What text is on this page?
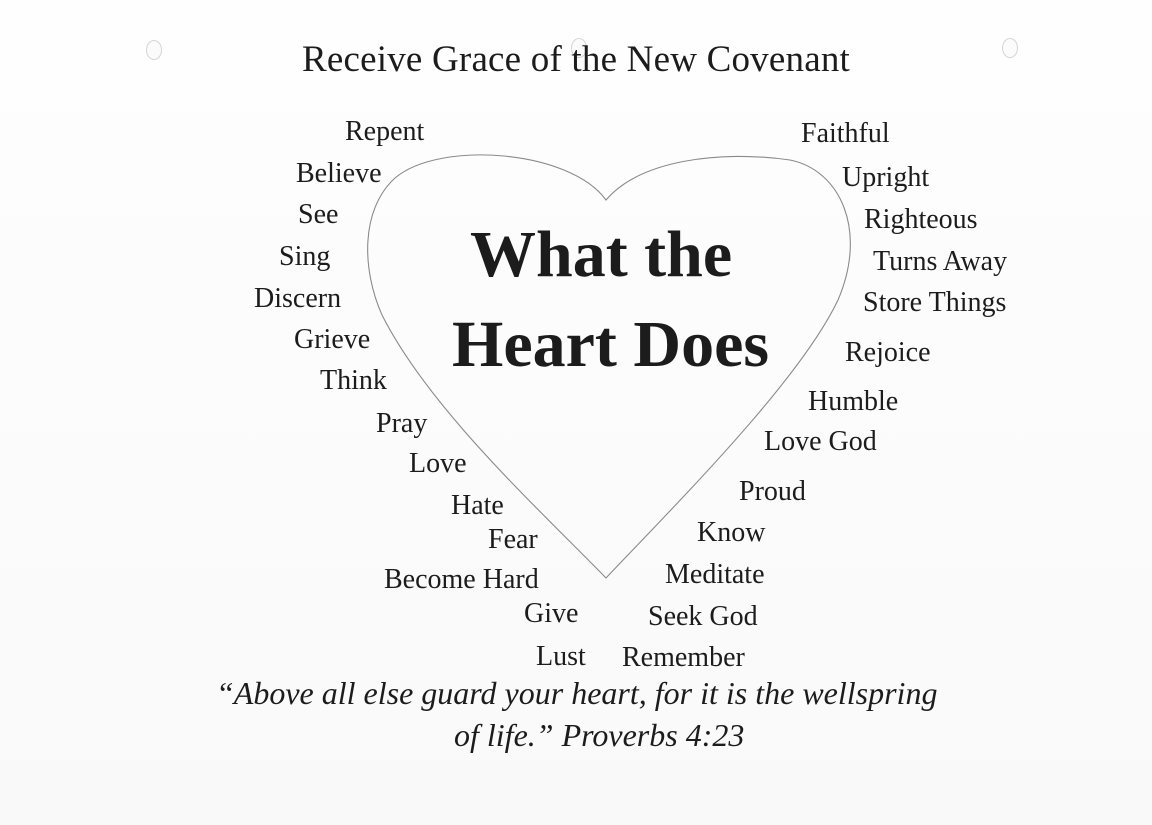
Receive Grace of the New Covenant
What the
Heart Does
Repent
Believe
See
Sing
Discern
Grieve
Think
Pray
Love
Hate
Fear
Become Hard
Give
Lust
Faithful
Upright
Righteous
Turns Away
Store Things
Rejoice
Humble
Love God
Proud
Know
Meditate
Seek God
Remember
“Above all else guard your heart, for it is the wellspring
of life.” Proverbs 4:23
